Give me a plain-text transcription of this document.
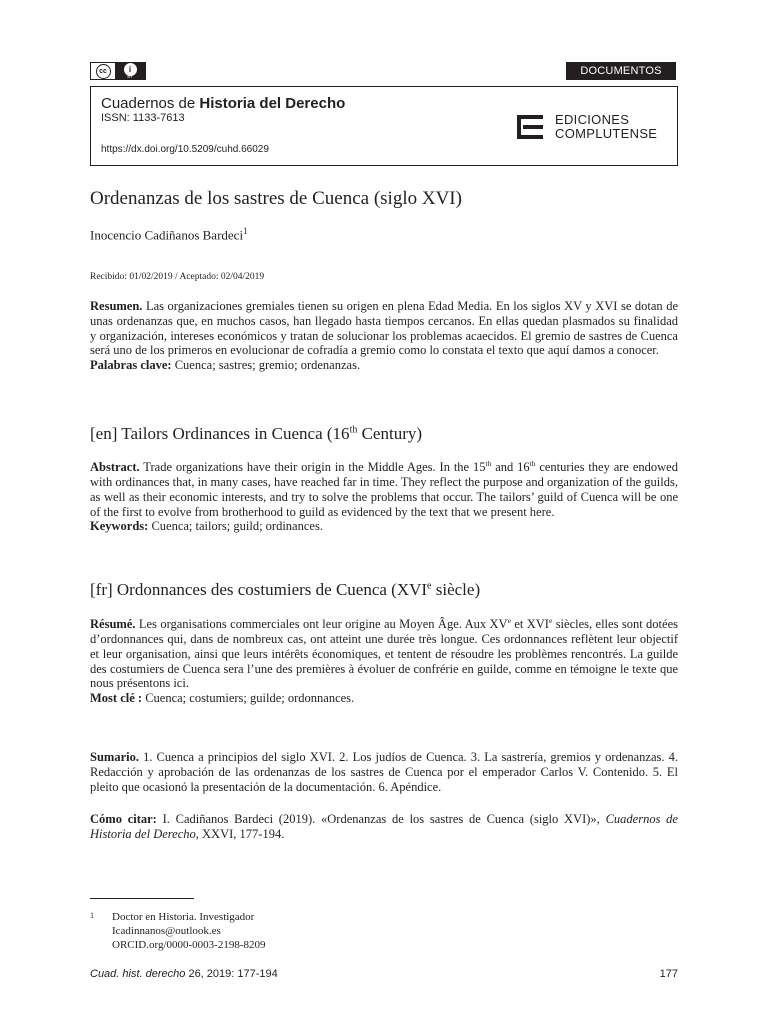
cc	i
BY	DOCUMENTOS
Cuadernos de Historia del Derecho
ISSN: 1133-7613
https://dx.doi.org/10.5209/cuhd.66029
EDICIONES
COMPLUTENSE
Ordenanzas de los sastres de Cuenca (siglo XVI)
Inocencio Cadiñanos Bardeci$^1$
Recibido: 01/02/2019 / Aceptado: 02/04/2019
Resumen. Las organizaciones gremiales tienen su origen en plena Edad Media. En los siglos XV y XVI se dotan de unas ordenanzas que, en muchos casos, han llegado hasta tiempos cercanos. En ellas quedan plasmados su finalidad y organización, intereses económicos y tratan de solucionar los problemas acaecidos. El gremio de sastres de Cuenca será uno de los primeros en evolucionar de cofradía a gremio como lo constata el texto que aquí damos a conocer.
Palabras clave: Cuenca; sastres; gremio; ordenanzas.
[en] Tailors Ordinances in Cuenca (16th Century)
Abstract. Trade organizations have their origin in the Middle Ages. In the 15th and 16th centuries they are endowed with ordinances that, in many cases, have reached far in time. They reflect the purpose and organization of the guilds, as well as their economic interests, and try to solve the problems that occur. The tailors’ guild of Cuenca will be one of the first to evolve from brotherhood to guild as evidenced by the text that we present here.
Keywords: Cuenca; tailors; guild; ordinances.
[fr] Ordonnances des costumiers de Cuenca (XVIe siècle)
Résumé. Les organisations commerciales ont leur origine au Moyen Âge. Aux XVe et XVIe siècles, elles sont dotées d’ordonnances qui, dans de nombreux cas, ont atteint une durée très longue. Ces ordonnances reflètent leur objectif et leur organisation, ainsi que leurs intérêts économiques, et tentent de résoudre les problèmes rencontrés. La guilde des costumiers de Cuenca sera l’une des premières à évoluer de confrérie en guilde, comme en témoigne le texte que nous présentons ici.
Most clé : Cuenca; costumiers; guilde; ordonnances.
Sumario. 1. Cuenca a principios del siglo XVI. 2. Los judíos de Cuenca. 3. La sastrería, gremios y ordenanzas. 4. Redacción y aprobación de las ordenanzas de los sastres de Cuenca por el emperador Carlos V. Contenido. 5. El pleito que ocasionó la presentación de la documentación. 6. Apéndice.
Cómo citar: I. Cadiñanos Bardeci (2019). «Ordenanzas de los sastres de Cuenca (siglo XVI)», Cuadernos de Historia del Derecho, XXVI, 177-194.
1 Doctor en Historia. Investigador
Icadinnanos@outlook.es
ORCID.org/0000-0003-2198-8209
Cuad. hist. derecho 26, 2019: 177-194	177
